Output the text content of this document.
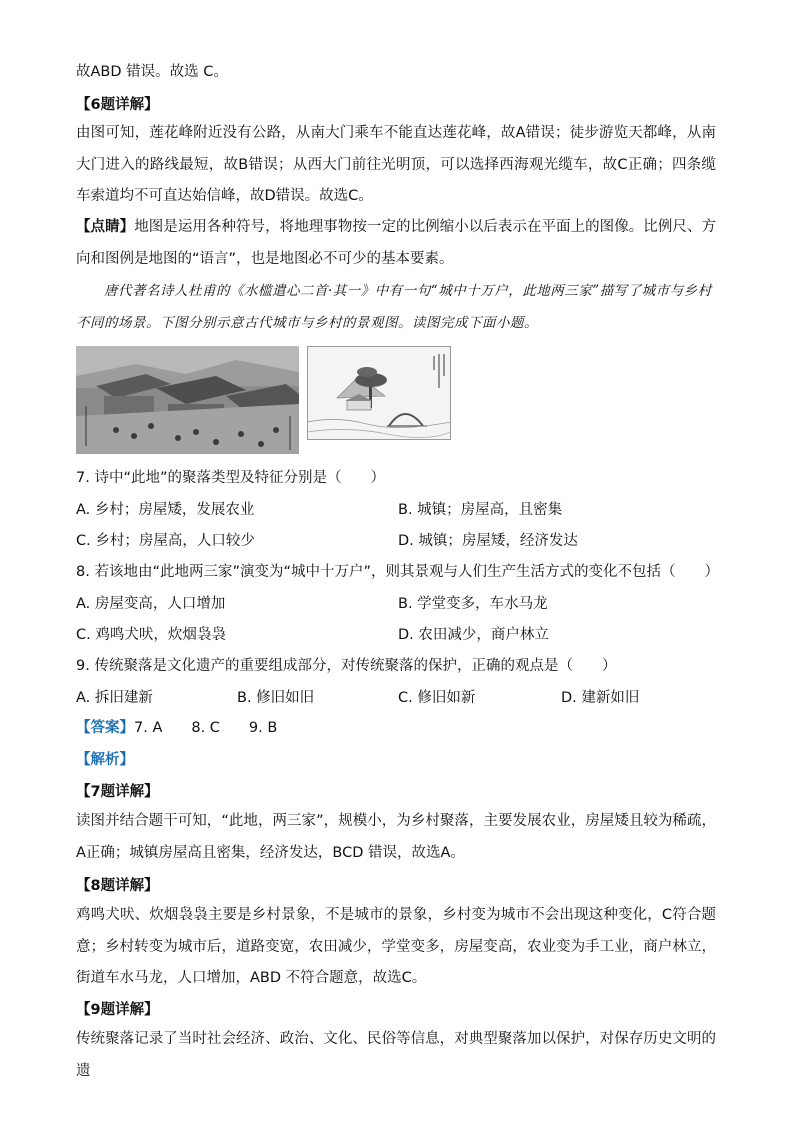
故ABD 错误。故选 C。
【6题详解】
由图可知，莲花峰附近没有公路，从南大门乘车不能直达莲花峰，故A错误；徒步游览天都峰，从南大门进入的路线最短，故B错误；从西大门前往光明顶，可以选择西海观光缆车，故C正确；四条缆车索道均不可直达始信峰，故D错误。故选C。
【点睛】地图是运用各种符号，将地理事物按一定的比例缩小以后表示在平面上的图像。比例尺、方向和图例是地图的“语言”，也是地图必不可少的基本要素。
唐代著名诗人杜甫的《水槛遣心二首·其一》中有一句“城中十万户，此地两三家”描写了城市与乡村不同的场景。下图分别示意古代城市与乡村的景观图。读图完成下面小题。
7. 诗中“此地”的聚落类型及特征分别是（　　）
A. 乡村；房屋矮，发展农业	B. 城镇；房屋高，且密集
C. 乡村；房屋高，人口较少	D. 城镇；房屋矮，经济发达
8. 若该地由“此地两三家”演变为“城中十万户”，则其景观与人们生产生活方式的变化不包括（　　）
A. 房屋变高，人口增加	B. 学堂变多，车水马龙
C. 鸡鸣犬吠，炊烟袅袅	D. 农田减少，商户林立
9. 传统聚落是文化遗产的重要组成部分，对传统聚落的保护，正确的观点是（　　）
A. 拆旧建新	B. 修旧如旧	C. 修旧如新	D. 建新如旧
【答案】7. A　　8. C　　9. B
【解析】
【7题详解】
读图并结合题干可知，“此地，两三家”，规模小，为乡村聚落，主要发展农业，房屋矮且较为稀疏，A正确；城镇房屋高且密集，经济发达，BCD 错误，故选A。
【8题详解】
鸡鸣犬吠、炊烟袅袅主要是乡村景象，不是城市的景象，乡村变为城市不会出现这种变化，C符合题意；乡村转变为城市后，道路变宽，农田减少，学堂变多，房屋变高，农业变为手工业，商户林立，街道车水马龙，人口增加，ABD 不符合题意，故选C。
【9题详解】
传统聚落记录了当时社会经济、政治、文化、民俗等信息，对典型聚落加以保护，对保存历史文明的遗
